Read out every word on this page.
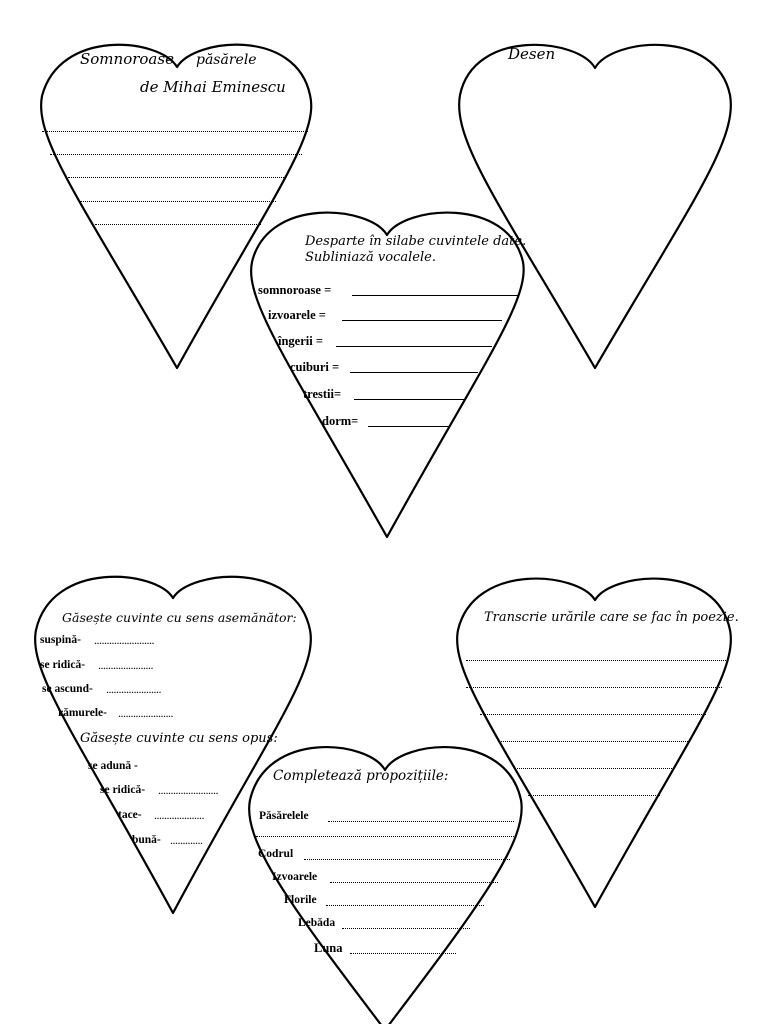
Somnoroase păsărele
de Mihai Eminescu
Desen
Desparte în silabe cuvintele date.
Subliniază vocalele.
somnoroase =
izvoarele =
îngerii =
cuiburi =
trestii=
dorm=
Găsește cuvinte cu sens asemănător:
suspină- ........................
se ridică- ......................
se ascund- ......................
rămurele- ......................
Găsește cuvinte cu sens opus:
se adună -
se ridică- ........................
tace- ....................
bună- .............
Transcrie urările care se fac în poezie.
Completează propozițiile:
Păsărelele
Codrul
Izvoarele
Florile
Lebăda
Luna
